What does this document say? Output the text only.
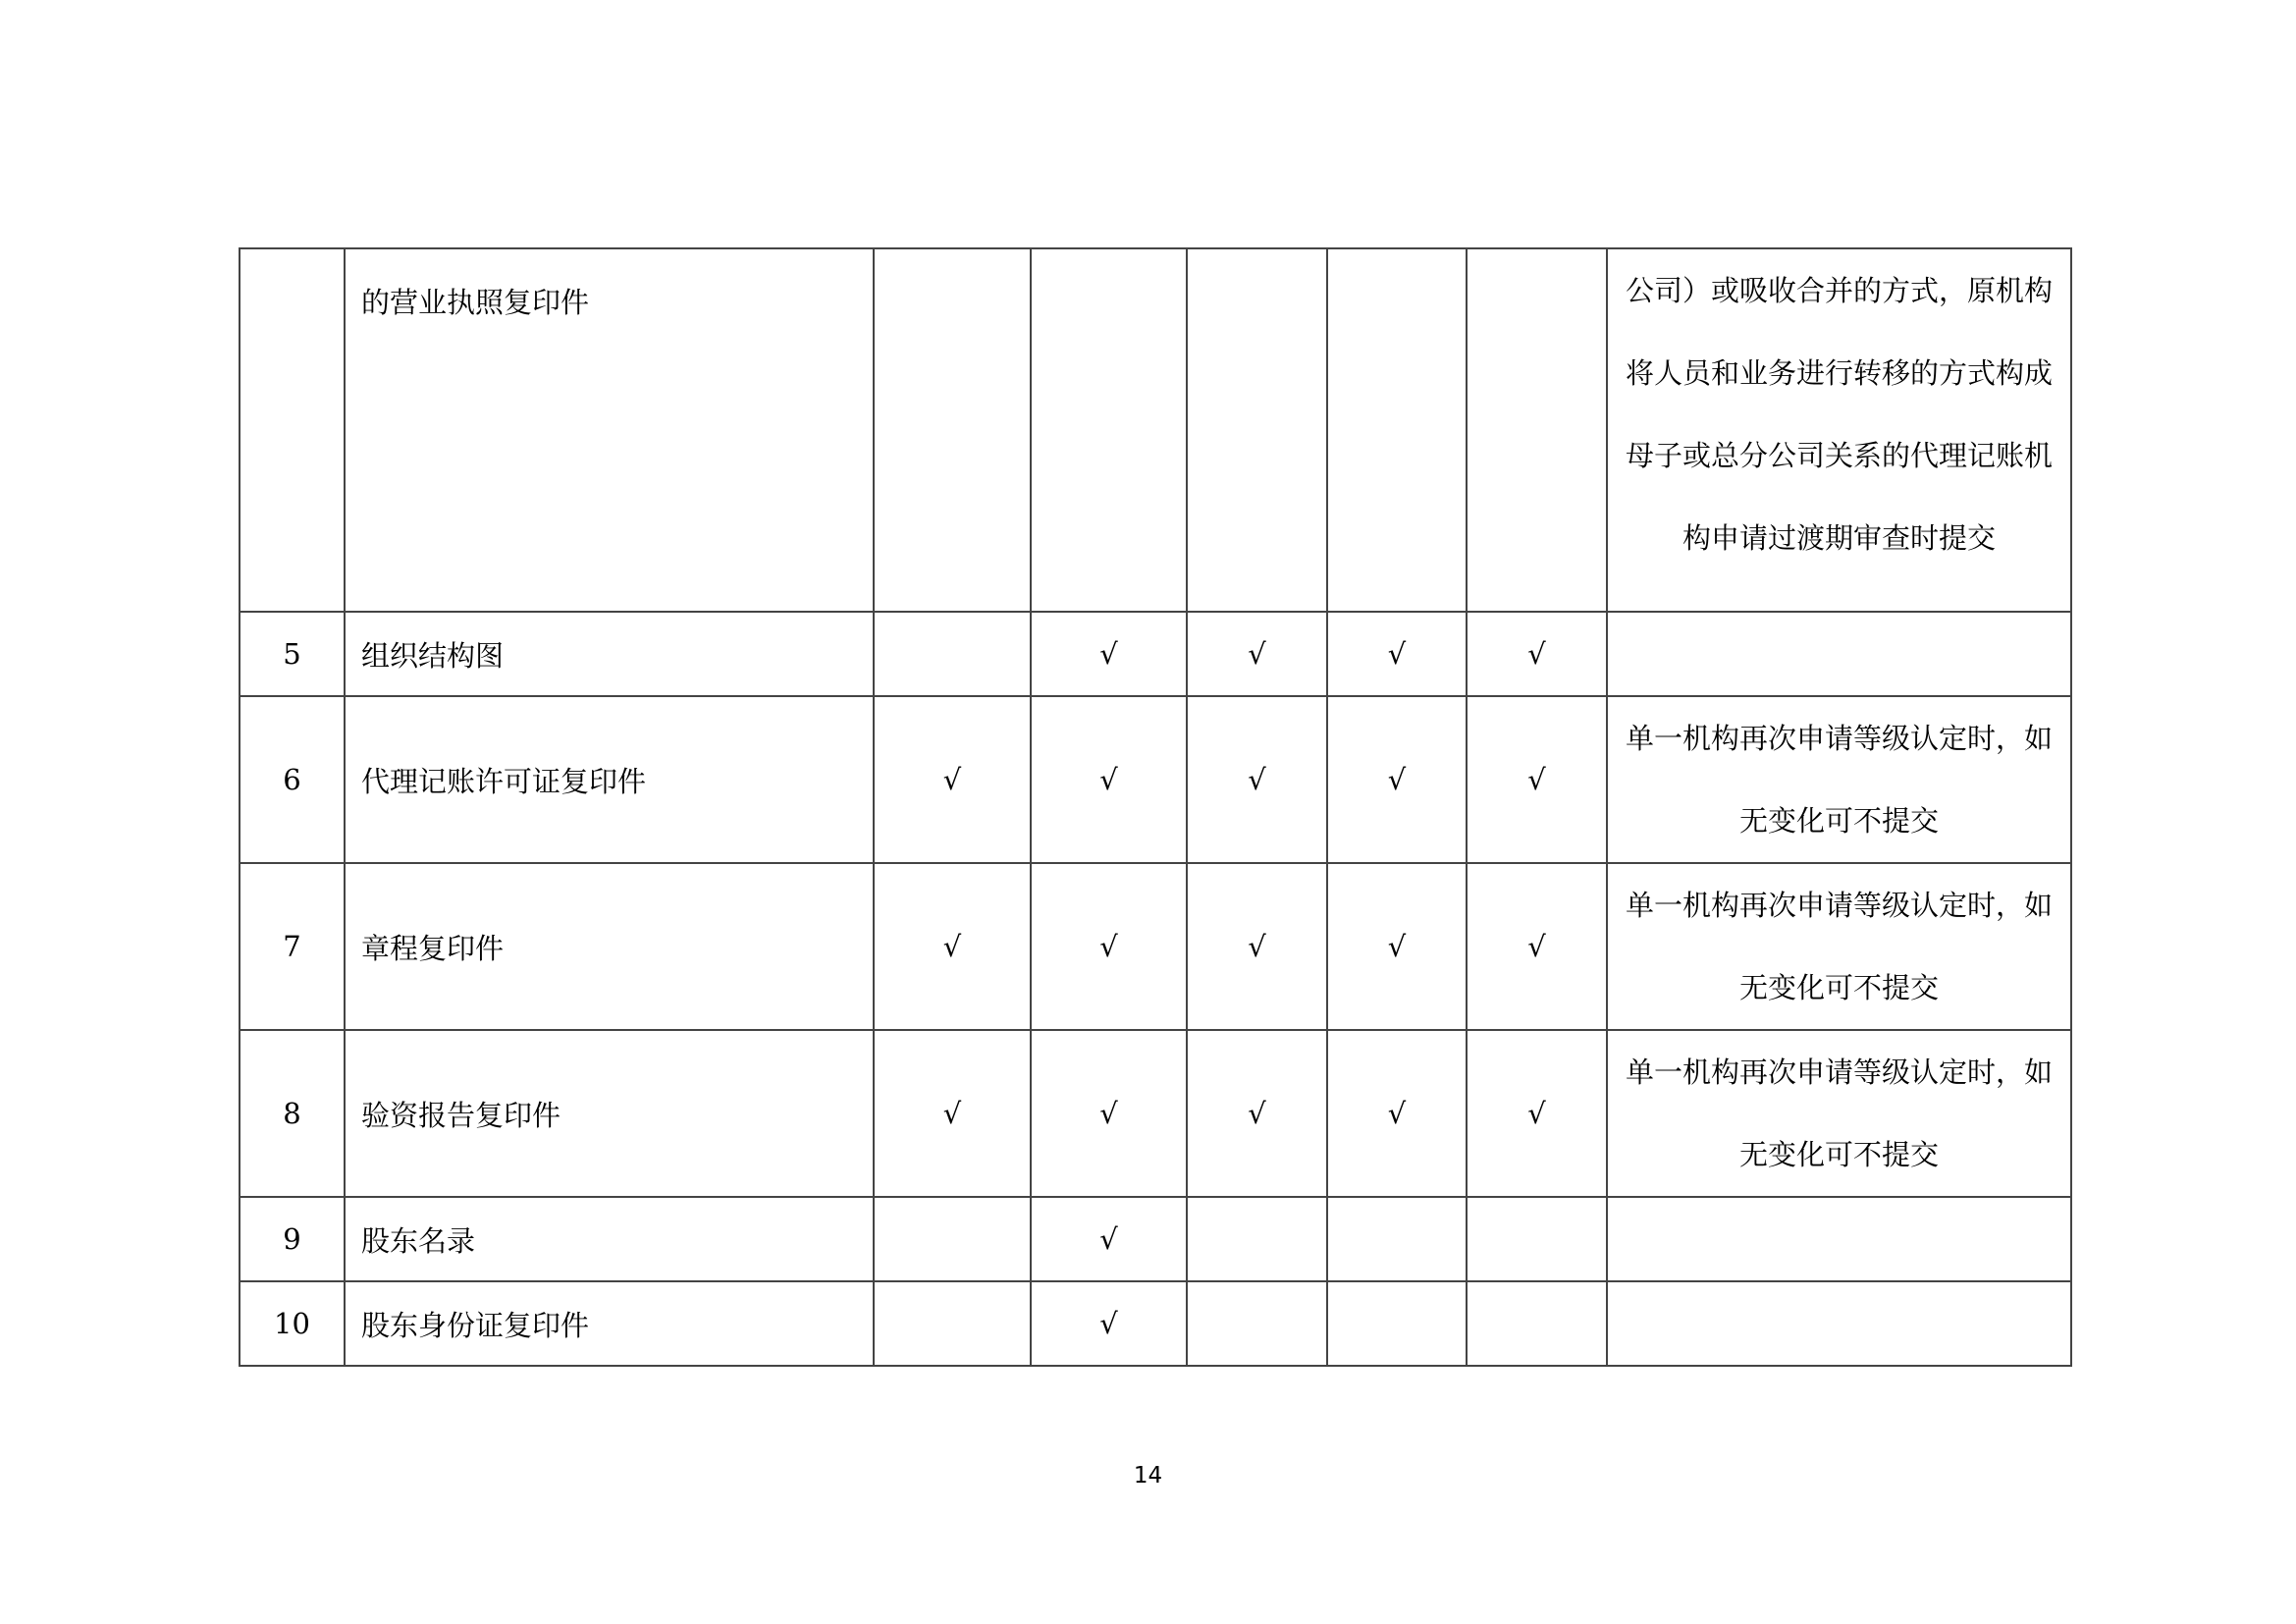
	的营业执照复印件						公司）或吸收合并的方式，原机构将人员和业务进行转移的方式构成母子或总分公司关系的代理记账机构申请过渡期审查时提交
5	组织结构图		√	√	√	√	
6	代理记账许可证复印件	√	√	√	√	√	单一机构再次申请等级认定时，如无变化可不提交
7	章程复印件	√	√	√	√	√	单一机构再次申请等级认定时，如无变化可不提交
8	验资报告复印件	√	√	√	√	√	单一机构再次申请等级认定时，如无变化可不提交
9	股东名录		√				
10	股东身份证复印件		√				
14
